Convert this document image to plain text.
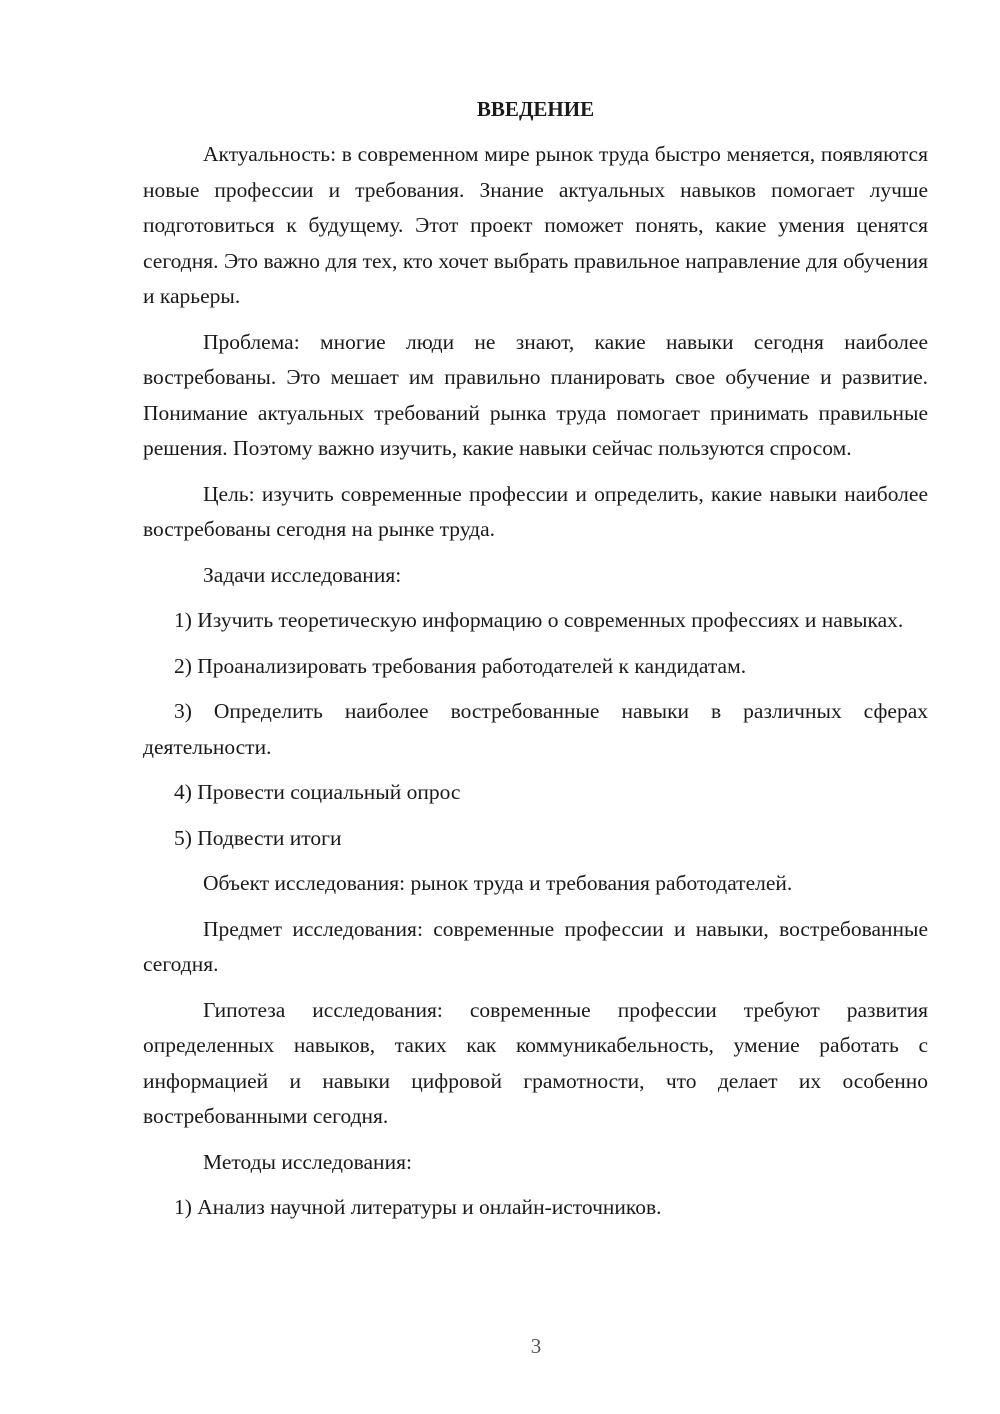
ВВЕДЕНИЕ

Актуальность: в современном мире рынок труда быстро меняется, появляются новые профессии и требования. Знание актуальных навыков помогает лучше подготовиться к будущему. Этот проект поможет понять, какие умения ценятся сегодня. Это важно для тех, кто хочет выбрать правильное направление для обучения и карьеры.

Проблема: многие люди не знают, какие навыки сегодня наиболее востребованы. Это мешает им правильно планировать свое обучение и развитие. Понимание актуальных требований рынка труда помогает принимать правильные решения. Поэтому важно изучить, какие навыки сейчас пользуются спросом.

Цель: изучить современные профессии и определить, какие навыки наиболее востребованы сегодня на рынке труда.

Задачи исследования:

1) Изучить теоретическую информацию о современных профессиях и навыках.

2) Проанализировать требования работодателей к кандидатам.

3) Определить наиболее востребованные навыки в различных сферах деятельности.

4) Провести социальный опрос

5) Подвести итоги

Объект исследования: рынок труда и требования работодателей.

Предмет исследования: современные профессии и навыки, востребованные сегодня.

Гипотеза исследования: современные профессии требуют развития определенных навыков, таких как коммуникабельность, умение работать с информацией и навыки цифровой грамотности, что делает их особенно востребованными сегодня.

Методы исследования:

1) Анализ научной литературы и онлайн-источников.

3
